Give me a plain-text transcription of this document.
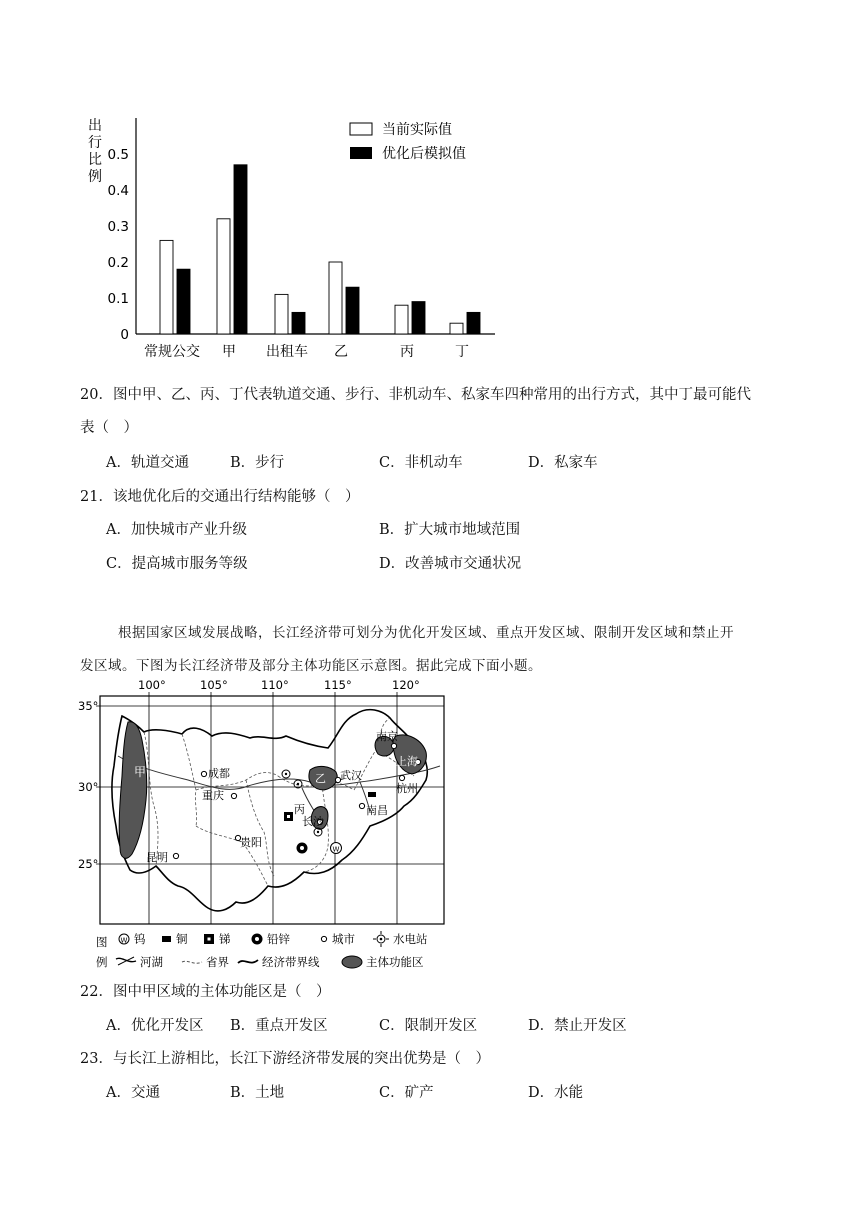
出
行
比
例
0
0.1
0.2
0.3
0.4
0.5
常规公交 甲 出租车 乙	丙	丁
当前实际值
优化后模拟值
20．图中甲、乙、丙、丁代表轨道交通、步行、非机动车、私家车四种常用的出行方式，其中丁最可能代
表（　）
A．轨道交通	B．步行	C．非机动车	D．私家车
21．该地优化后的交通出行结构能够（　）
A．加快城市产业升级	B．扩大城市地域范围
C．提高城市服务等级	D．改善城市交通状况
根据国家区域发展战略，长江经济带可划分为优化开发区域、重点开发区域、限制开发区域和禁止开
发区域。下图为长江经济带及部分主体功能区示意图。据此完成下面小题。
100°	105°	110°	115°	120°
35°
30°
25°
甲	乙
丙
成都
重庆
贵阳
昆明
武汉
长沙
南昌
南京
上海
杭州
W
图
例
W 钨	铜	锑	铅锌	城市	水电站
河湖	省界	经济带界线	主体功能区
22．图中甲区域的主体功能区是（　）
A．优化开发区 B．重点开发区	C．限制开发区	D．禁止开发区
23．与长江上游相比，长江下游经济带发展的突出优势是（　）
A．交通	B．土地	C．矿产	D．水能
